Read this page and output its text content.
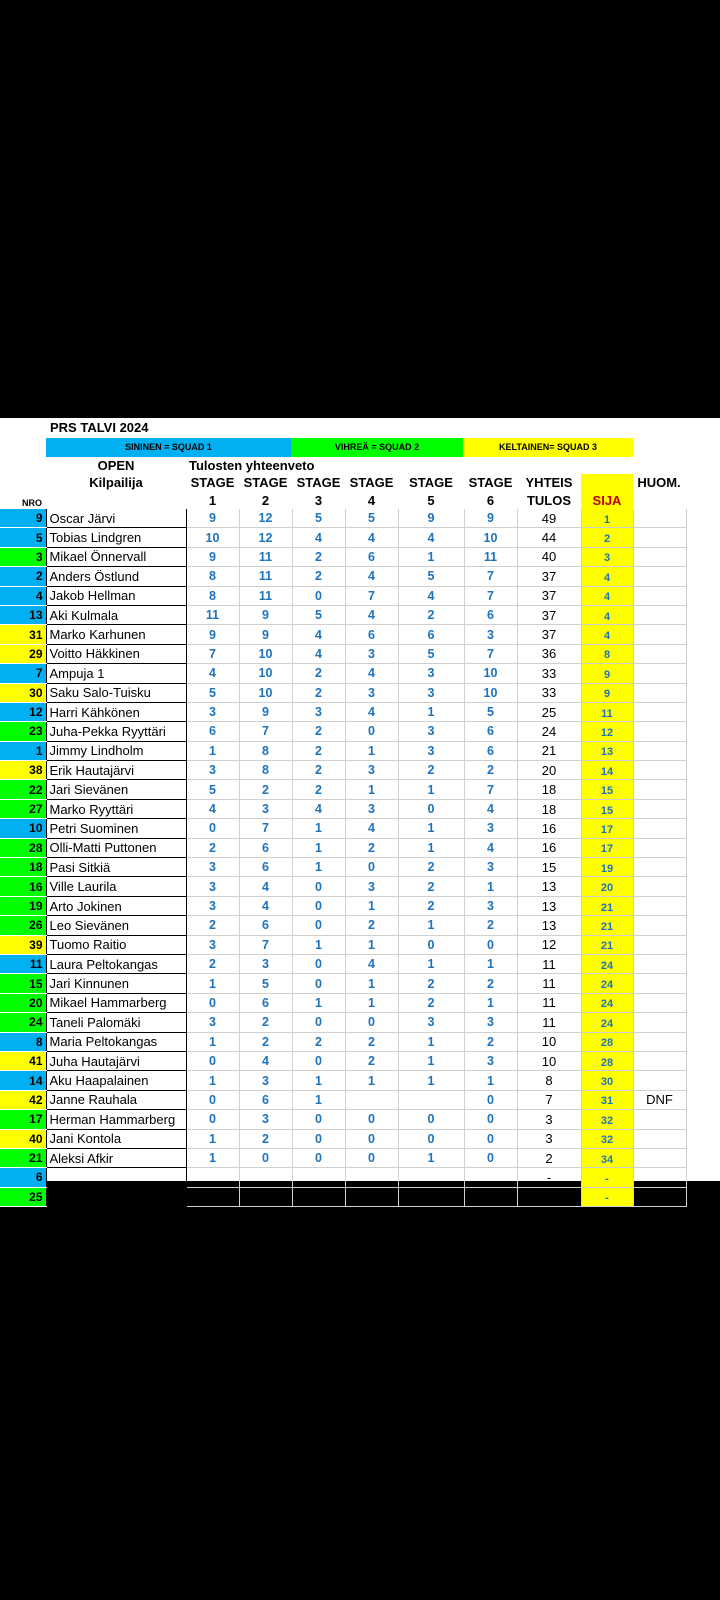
PRS TALVI 2024
SININEN = SQUAD 1	VIHREÄ = SQUAD 2	KELTAINEN= SQUAD 3
OPEN	Tulosten yhteenveto
Kilpailija	STAGE STAGE STAGE STAGE	STAGE	STAGE	YHTEIS	HUOM.
NRO	1	2	3	4	5	6	TULOS	SIJA
9	Oscar Järvi	9	12	5	5	9	9	49	1	
5	Tobias Lindgren	10	12	4	4	4	10	44	2	
3	Mikael Önnervall	9	11	2	6	1	11	40	3	
2	Anders Östlund	8	11	2	4	5	7	37	4	
4	Jakob Hellman	8	11	0	7	4	7	37	4	
13	Aki Kulmala	11	9	5	4	2	6	37	4	
31	Marko Karhunen	9	9	4	6	6	3	37	4	
29	Voitto Häkkinen	7	10	4	3	5	7	36	8	
7	Ampuja 1	4	10	2	4	3	10	33	9	
30	Saku Salo-Tuisku	5	10	2	3	3	10	33	9	
12	Harri Kähkönen	3	9	3	4	1	5	25	11	
23	Juha-Pekka Ryyttäri	6	7	2	0	3	6	24	12	
1	Jimmy Lindholm	1	8	2	1	3	6	21	13	
38	Erik Hautajärvi	3	8	2	3	2	2	20	14	
22	Jari Sievänen	5	2	2	1	1	7	18	15	
27	Marko Ryyttäri	4	3	4	3	0	4	18	15	
10	Petri Suominen	0	7	1	4	1	3	16	17	
28	Olli-Matti Puttonen	2	6	1	2	1	4	16	17	
18	Pasi Sitkiä	3	6	1	0	2	3	15	19	
16	Ville Laurila	3	4	0	3	2	1	13	20	
19	Arto Jokinen	3	4	0	1	2	3	13	21	
26	Leo Sievänen	2	6	0	2	1	2	13	21	
39	Tuomo Raitio	3	7	1	1	0	0	12	21	
11	Laura Peltokangas	2	3	0	4	1	1	11	24	
15	Jari Kinnunen	1	5	0	1	2	2	11	24	
20	Mikael Hammarberg	0	6	1	1	2	1	11	24	
24	Taneli Palomäki	3	2	0	0	3	3	11	24	
8	Maria Peltokangas	1	2	2	2	1	2	10	28	
41	Juha Hautajärvi	0	4	0	2	1	3	10	28	
14	Aku Haapalainen	1	3	1	1	1	1	8	30	
42	Janne Rauhala	0	6	1			0	7	31	DNF
17	Herman Hammarberg	0	3	0	0	0	0	3	32	
40	Jani Kontola	1	2	0	0	0	0	3	32	
21	Aleksi Afkir	1	0	0	0	1	0	2	34	
6								-	-	
25								-	-	
